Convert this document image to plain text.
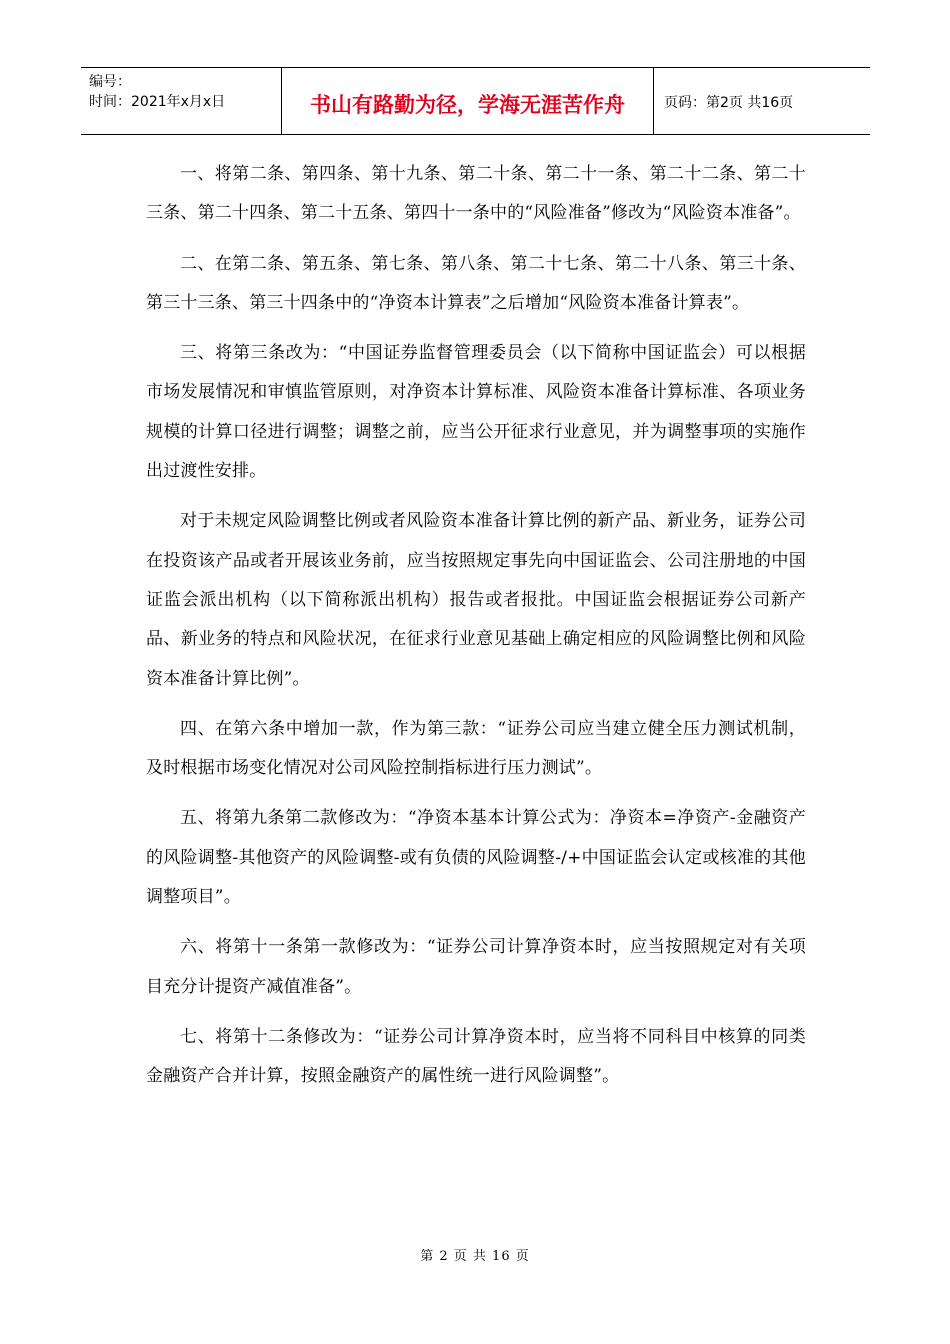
编号：
时间：2021年x月x日	书山有路勤为径，学海无涯苦作舟	页码：第2页 共16页

一、将第二条、第四条、第十九条、第二十条、第二十一条、第二十二条、第二十三条、第二十四条、第二十五条、第四十一条中的“风险准备”修改为“风险资本准备”。

二、在第二条、第五条、第七条、第八条、第二十七条、第二十八条、第三十条、第三十三条、第三十四条中的“净资本计算表”之后增加“风险资本准备计算表”。

三、将第三条改为：“中国证券监督管理委员会（以下简称中国证监会）可以根据市场发展情况和审慎监管原则，对净资本计算标准、风险资本准备计算标准、各项业务规模的计算口径进行调整；调整之前，应当公开征求行业意见，并为调整事项的实施作出过渡性安排。

对于未规定风险调整比例或者风险资本准备计算比例的新产品、新业务，证券公司在投资该产品或者开展该业务前，应当按照规定事先向中国证监会、公司注册地的中国证监会派出机构（以下简称派出机构）报告或者报批。中国证监会根据证券公司新产品、新业务的特点和风险状况，在征求行业意见基础上确定相应的风险调整比例和风险资本准备计算比例”。

四、在第六条中增加一款，作为第三款：“证券公司应当建立健全压力测试机制，及时根据市场变化情况对公司风险控制指标进行压力测试”。

五、将第九条第二款修改为：“净资本基本计算公式为：净资本=净资产-金融资产的风险调整-其他资产的风险调整-或有负债的风险调整-/+中国证监会认定或核准的其他调整项目”。

六、将第十一条第一款修改为：“证券公司计算净资本时，应当按照规定对有关项目充分计提资产减值准备”。

七、将第十二条修改为：“证券公司计算净资本时，应当将不同科目中核算的同类金融资产合并计算，按照金融资产的属性统一进行风险调整”。

第 2 页 共 16 页
